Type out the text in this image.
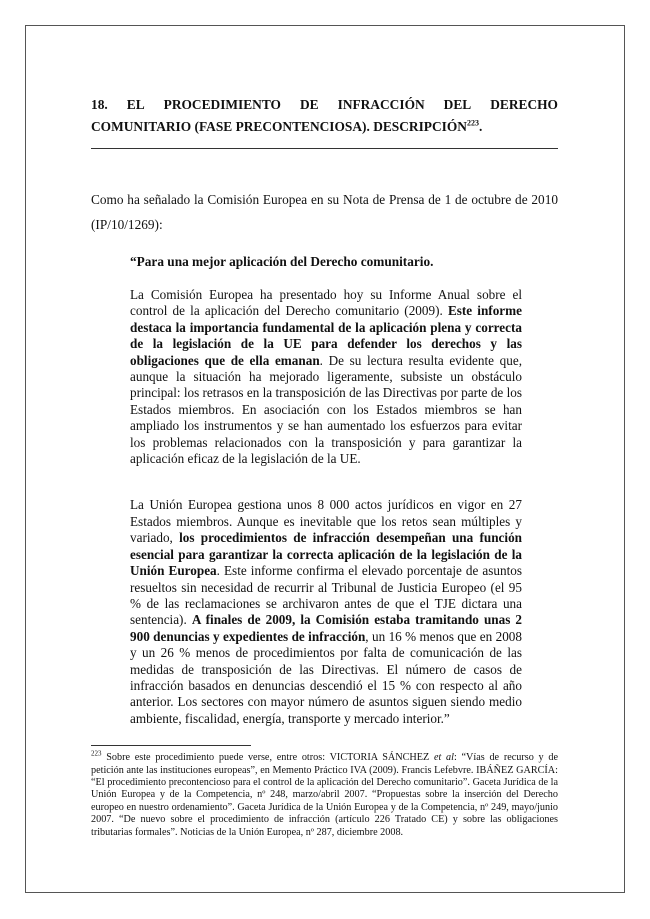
18. EL PROCEDIMIENTO DE INFRACCIÓN DEL DERECHO
COMUNITARIO (FASE PRECONTENCIOSA). DESCRIPCIÓN$^{223}$.
Como ha señalado la Comisión Europea en su Nota de Prensa de 1 de octubre de 2010 (IP/10/1269):
“Para una mejor aplicación del Derecho comunitario.
La Comisión Europea ha presentado hoy su Informe Anual sobre el control de la aplicación del Derecho comunitario (2009). Este informe destaca la importancia fundamental de la aplicación plena y correcta de la legislación de la UE para defender los derechos y las obligaciones que de ella emanan. De su lectura resulta evidente que, aunque la situación ha mejorado ligeramente, subsiste un obstáculo principal: los retrasos en la transposición de las Directivas por parte de los Estados miembros. En asociación con los Estados miembros se han ampliado los instrumentos y se han aumentado los esfuerzos para evitar los problemas relacionados con la transposición y para garantizar la aplicación eficaz de la legislación de la UE.
La Unión Europea gestiona unos 8 000 actos jurídicos en vigor en 27 Estados miembros. Aunque es inevitable que los retos sean múltiples y variado, los procedimientos de infracción desempeñan una función esencial para garantizar la correcta aplicación de la legislación de la Unión Europea. Este informe confirma el elevado porcentaje de asuntos resueltos sin necesidad de recurrir al Tribunal de Justicia Europeo (el 95 % de las reclamaciones se archivaron antes de que el TJE dictara una sentencia). A finales de 2009, la Comisión estaba tramitando unas 2 900 denuncias y expedientes de infracción, un 16 % menos que en 2008 y un 26 % menos de procedimientos por falta de comunicación de las medidas de transposición de las Directivas. El número de casos de infracción basados en denuncias descendió el 15 % con respecto al año anterior. Los sectores con mayor número de asuntos siguen siendo medio ambiente, fiscalidad, energía, transporte y mercado interior.”
$^{223}$ Sobre este procedimiento puede verse, entre otros: VICTORIA SÁNCHEZ et al: “Vías de recurso y de petición ante las instituciones europeas”, en Memento Práctico IVA (2009). Francis Lefebvre. IBÁÑEZ GARCÍA: “El procedimiento precontencioso para el control de la aplicación del Derecho comunitario”. Gaceta Jurídica de la Unión Europea y de la Competencia, nº 248, marzo/abril 2007. “Propuestas sobre la inserción del Derecho europeo en nuestro ordenamiento”. Gaceta Jurídica de la Unión Europea y de la Competencia, nº 249, mayo/junio 2007. “De nuevo sobre el procedimiento de infracción (artículo 226 Tratado CE) y sobre las obligaciones tributarias formales”. Noticias de la Unión Europea, nº 287, diciembre 2008.
